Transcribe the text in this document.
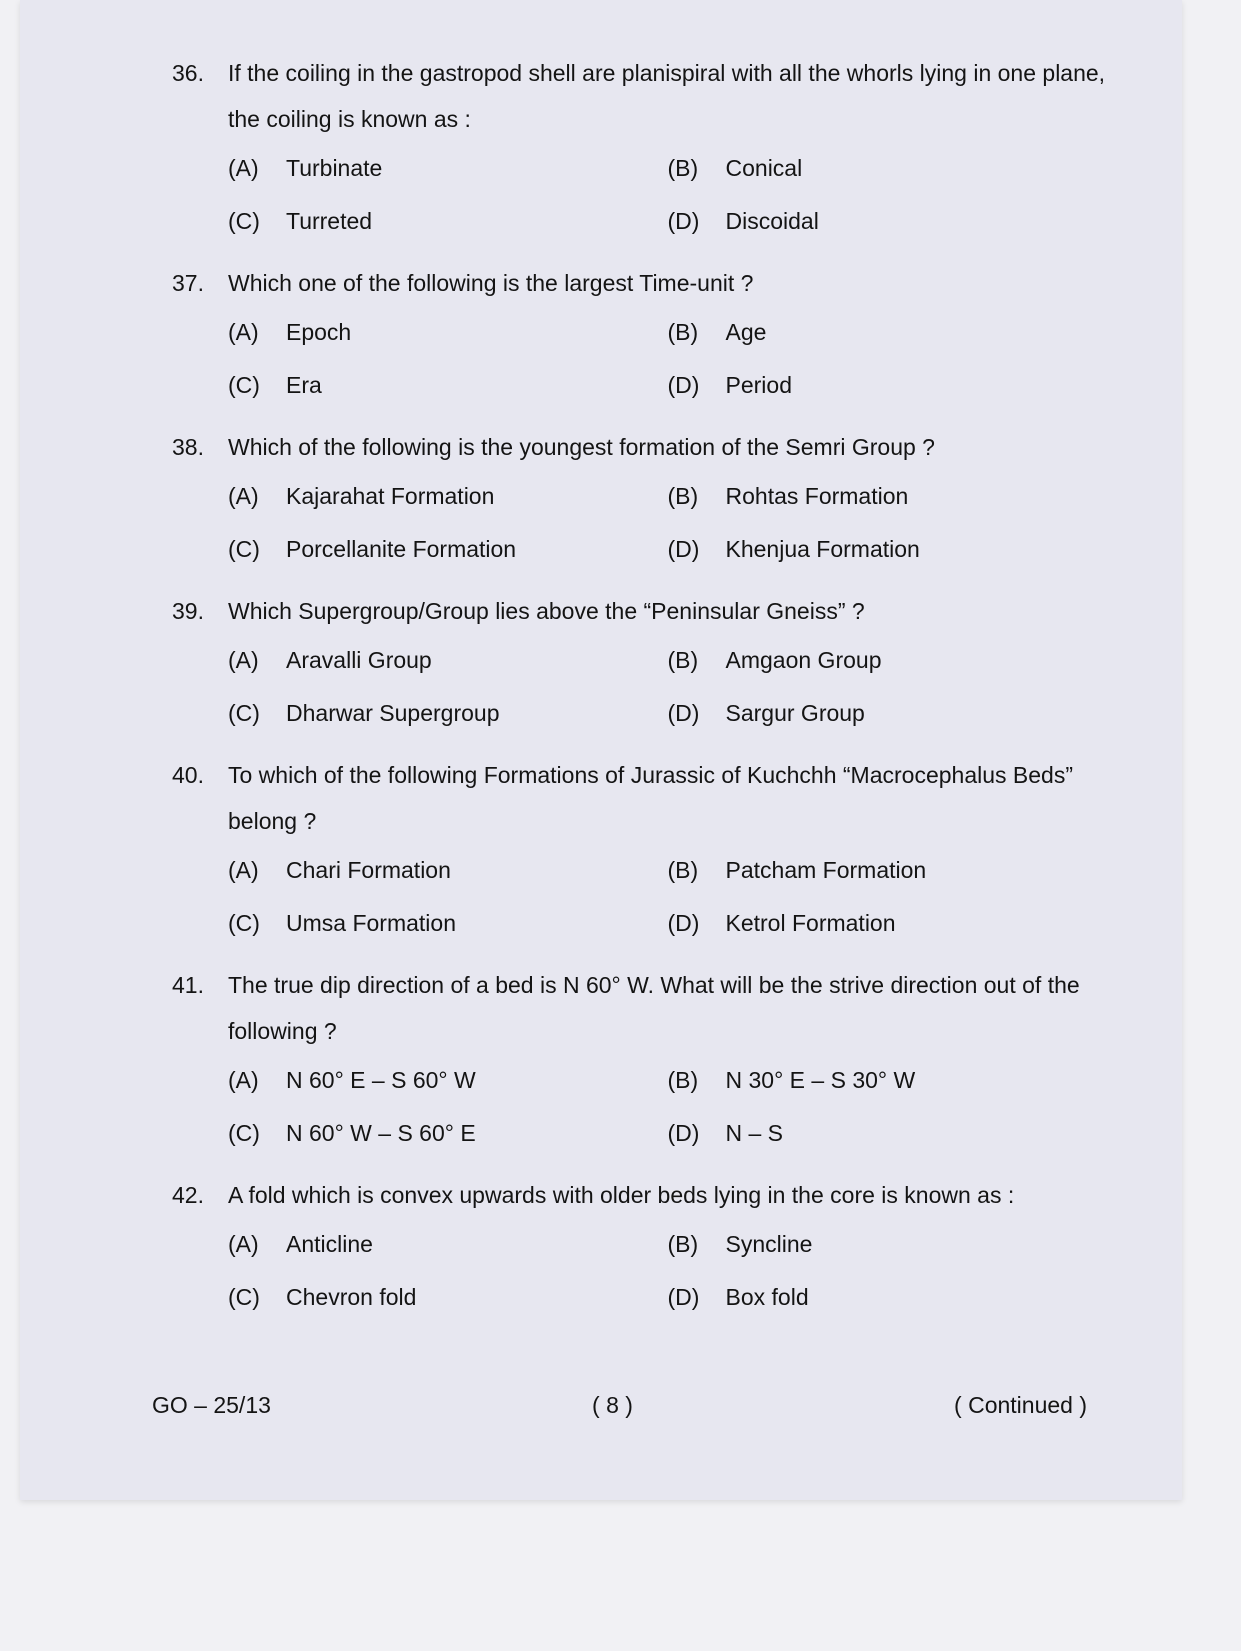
36.	If the coiling in the gastropod shell are planispiral with all the whorls lying in one plane, the coiling is known as :
(A)	Turbinate	(B)	Conical
(C)	Turreted	(D)	Discoidal
37.	Which one of the following is the largest Time-unit ?
(A)	Epoch	(B)	Age
(C)	Era	(D)	Period
38.	Which of the following is the youngest formation of the Semri Group ?
(A)	Kajarahat Formation	(B)	Rohtas Formation
(C)	Porcellanite Formation	(D)	Khenjua Formation
39.	Which Supergroup/Group lies above the “Peninsular Gneiss” ?
(A)	Aravalli Group	(B)	Amgaon Group
(C)	Dharwar Supergroup	(D)	Sargur Group
40.	To which of the following Formations of Jurassic of Kuchchh “Macrocephalus Beds” belong ?
(A)	Chari Formation	(B)	Patcham Formation
(C)	Umsa Formation	(D)	Ketrol Formation
41.	The true dip direction of a bed is N 60° W. What will be the strive direction out of the following ?
(A)	N 60° E – S 60° W	(B)	N 30° E – S 30° W
(C)	N 60° W – S 60° E	(D)	N – S
42.	A fold which is convex upwards with older beds lying in the core is known as :
(A)	Anticline	(B)	Syncline
(C)	Chevron fold	(D)	Box fold
GO – 25/13	( 8 )	( Continued )
